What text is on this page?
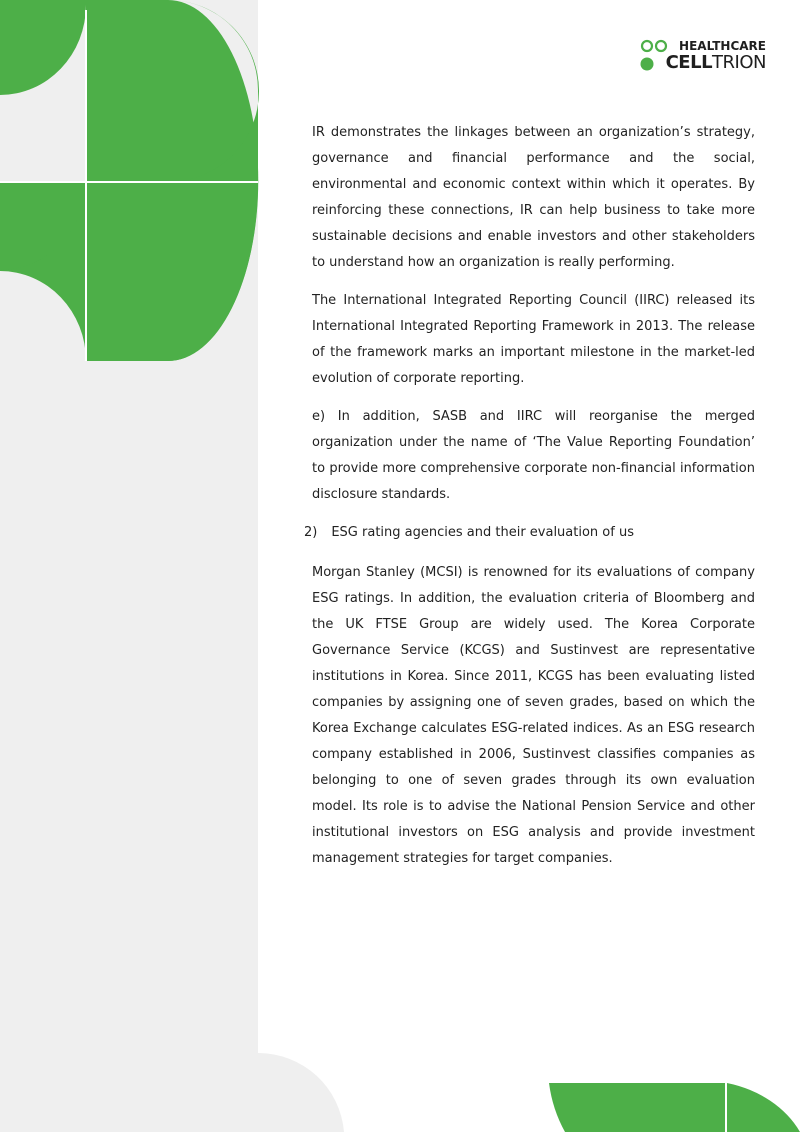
HEALTHCARE
CELLTRION

IR demonstrates the linkages between an organization’s strategy, governance and financial performance and the social, environmental and economic context within which it operates. By reinforcing these connections, IR can help business to take more sustainable decisions and enable investors and other stakeholders to understand how an organization is really performing.

The International Integrated Reporting Council (IIRC) released its International Integrated Reporting Framework in 2013. The release of the framework marks an important milestone in the market-led evolution of corporate reporting.

e) In addition, SASB and IIRC will reorganise the merged organization under the name of ‘The Value Reporting Foundation’ to provide more comprehensive corporate non-financial information disclosure standards.

2) ESG rating agencies and their evaluation of us

Morgan Stanley (MCSI) is renowned for its evaluations of company ESG ratings. In addition, the evaluation criteria of Bloomberg and the UK FTSE Group are widely used. The Korea Corporate Governance Service (KCGS) and Sustinvest are representative institutions in Korea. Since 2011, KCGS has been evaluating listed companies by assigning one of seven grades, based on which the Korea Exchange calculates ESG-related indices. As an ESG research company established in 2006, Sustinvest classifies companies as belonging to one of seven grades through its own evaluation model. Its role is to advise the National Pension Service and other institutional investors on ESG analysis and provide investment management strategies for target companies.
